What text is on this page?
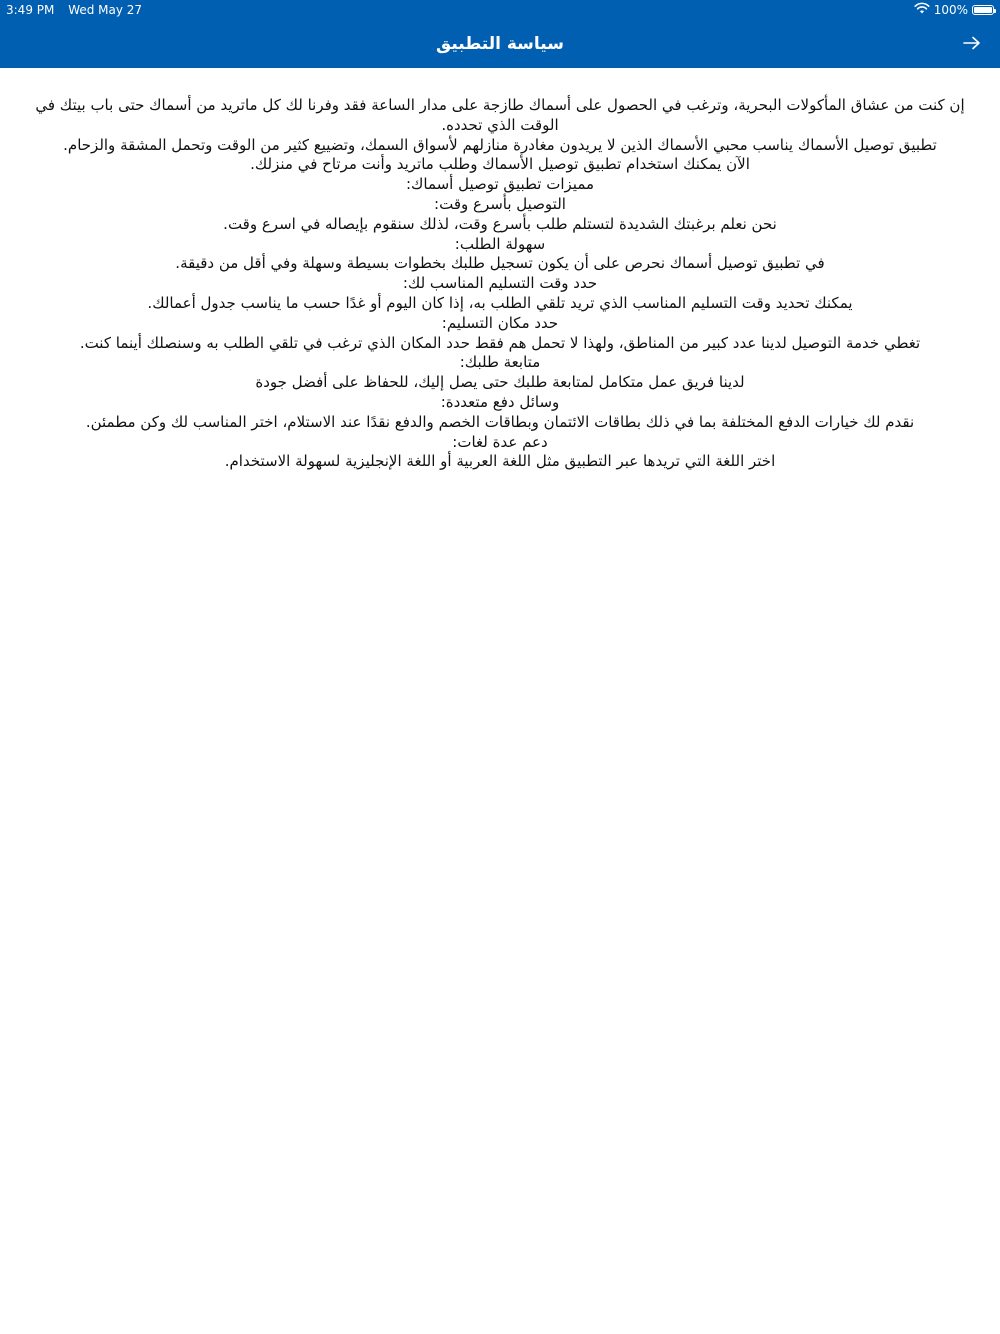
3:49 PM Wed May 27	100%
سياسة التطبيق

إن كنت من عشاق المأكولات البحرية، وترغب في الحصول على أسماك طازجة على مدار الساعة فقد وفرنا لك كل ماتريد من أسماك حتى باب بيتك في الوقت الذي تحدده.

تطبيق توصيل الأسماك يناسب محبي الأسماك الذين لا يريدون مغادرة منازلهم لأسواق السمك، وتضييع كثير من الوقت وتحمل المشقة والزحام.

الآن يمكنك استخدام تطبيق توصيل الأسماك وطلب ماتريد وأنت مرتاح في منزلك.

مميزات تطبيق توصيل أسماك:

التوصيل بأسرع وقت:

نحن نعلم برغبتك الشديدة لتستلم طلب بأسرع وقت، لذلك سنقوم بإيصاله في اسرع وقت.

سهولة الطلب:

في تطبيق توصيل أسماك نحرص على أن يكون تسجيل طلبك بخطوات بسيطة وسهلة وفي أقل من دقيقة.

حدد وقت التسليم المناسب لك:

يمكنك تحديد وقت التسليم المناسب الذي تريد تلقي الطلب به، إذا كان اليوم أو غدًا حسب ما يناسب جدول أعمالك.

حدد مكان التسليم:

تغطي خدمة التوصيل لدينا عدد كبير من المناطق، ولهذا لا تحمل هم فقط حدد المكان الذي ترغب في تلقي الطلب به وسنصلك أينما كنت.

متابعة طلبك:

لدينا فريق عمل متكامل لمتابعة طلبك حتى يصل إليك، للحفاظ على أفضل جودة

وسائل دفع متعددة:

نقدم لك خيارات الدفع المختلفة بما في ذلك بطاقات الائتمان وبطاقات الخصم والدفع نقدًا عند الاستلام، اختر المناسب لك وكن مطمئن.

دعم عدة لغات:

اختر اللغة التي تريدها عبر التطبيق مثل اللغة العربية أو اللغة الإنجليزية لسهولة الاستخدام.
